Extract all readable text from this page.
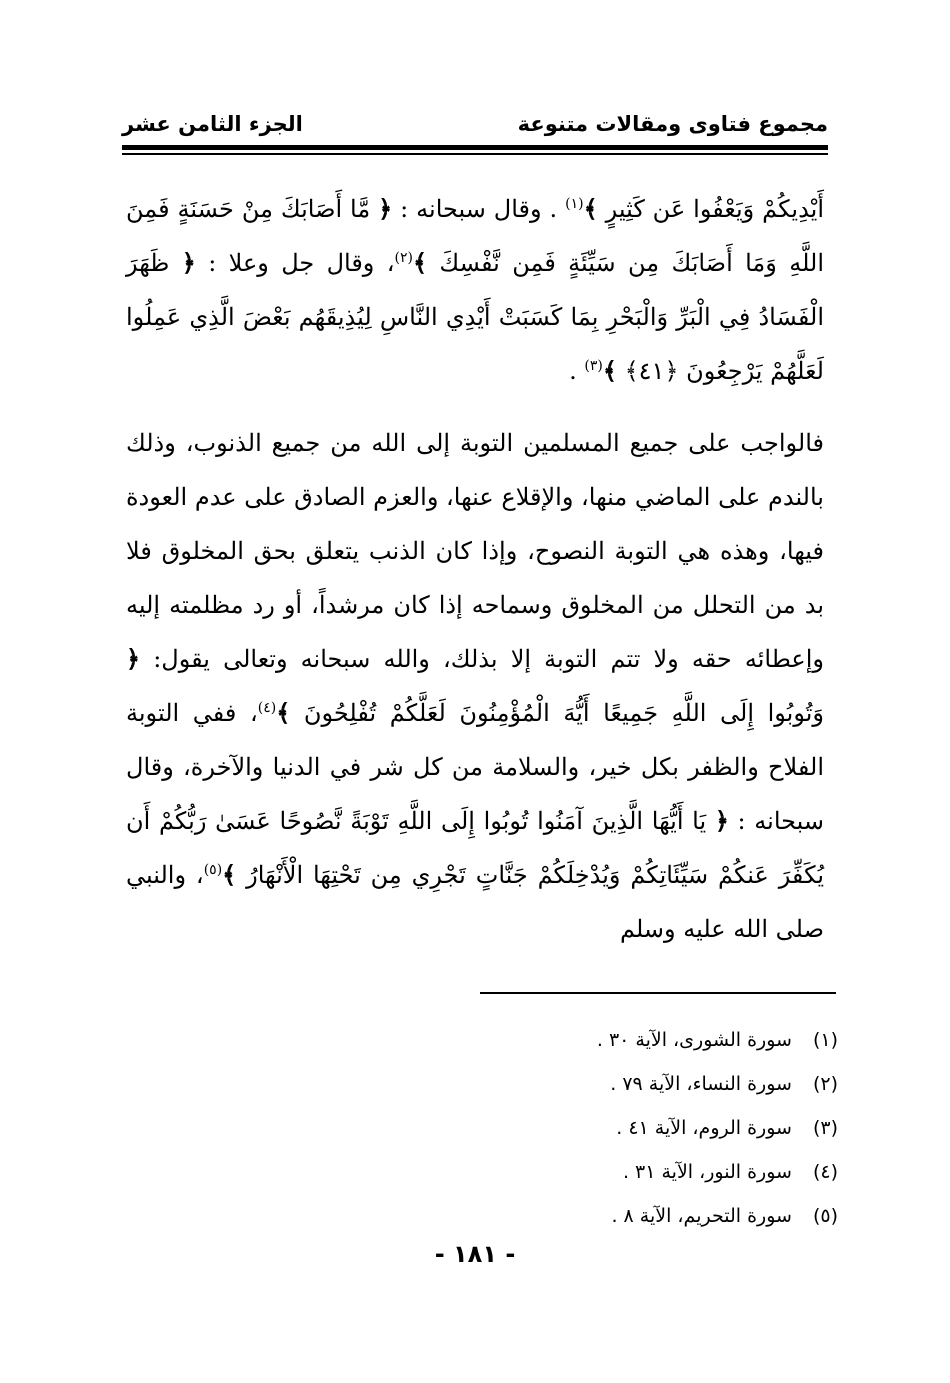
مجموع فتاوى ومقالات متنوعة
الجزء الثامن عشر

أَيْدِيكُمْ وَيَعْفُوا عَن كَثِيرٍ ﴾$^{(١)}$ . وقال سبحانه : ﴿ مَّا أَصَابَكَ مِنْ حَسَنَةٍ فَمِنَ اللَّهِ وَمَا أَصَابَكَ مِن سَيِّئَةٍ فَمِن نَّفْسِكَ ﴾$^{(٢)}$، وقال جل وعلا : ﴿ ظَهَرَ الْفَسَادُ فِي الْبَرِّ وَالْبَحْرِ بِمَا كَسَبَتْ أَيْدِي النَّاسِ لِيُذِيقَهُم بَعْضَ الَّذِي عَمِلُوا لَعَلَّهُمْ يَرْجِعُونَ ﴿٤١﴾ ﴾$^{(٣)}$ .

فالواجب على جميع المسلمين التوبة إلى الله من جميع الذنوب، وذلك بالندم على الماضي منها، والإقلاع عنها، والعزم الصادق على عدم العودة فيها، وهذه هي التوبة النصوح، وإذا كان الذنب يتعلق بحق المخلوق فلا بد من التحلل من المخلوق وسماحه إذا كان مرشداً، أو رد مظلمته إليه وإعطائه حقه ولا تتم التوبة إلا بذلك، والله سبحانه وتعالى يقول: ﴿ وَتُوبُوا إِلَى اللَّهِ جَمِيعًا أَيُّهَ الْمُؤْمِنُونَ لَعَلَّكُمْ تُفْلِحُونَ ﴾$^{(٤)}$، ففي التوبة الفلاح والظفر بكل خير، والسلامة من كل شر في الدنيا والآخرة، وقال سبحانه : ﴿ يَا أَيُّهَا الَّذِينَ آمَنُوا تُوبُوا إِلَى اللَّهِ تَوْبَةً نَّصُوحًا عَسَىٰ رَبُّكُمْ أَن يُكَفِّرَ عَنكُمْ سَيِّئَاتِكُمْ وَيُدْخِلَكُمْ جَنَّاتٍ تَجْرِي مِن تَحْتِهَا الْأَنْهَارُ ﴾$^{(٥)}$، والنبي صلى الله عليه وسلم

(١) سورة الشورى، الآية ٣٠ .
(٢) سورة النساء، الآية ٧٩ .
(٣) سورة الروم، الآية ٤١ .
(٤) سورة النور، الآية ٣١ .
(٥) سورة التحريم، الآية ٨ .
- ١٨١ -
